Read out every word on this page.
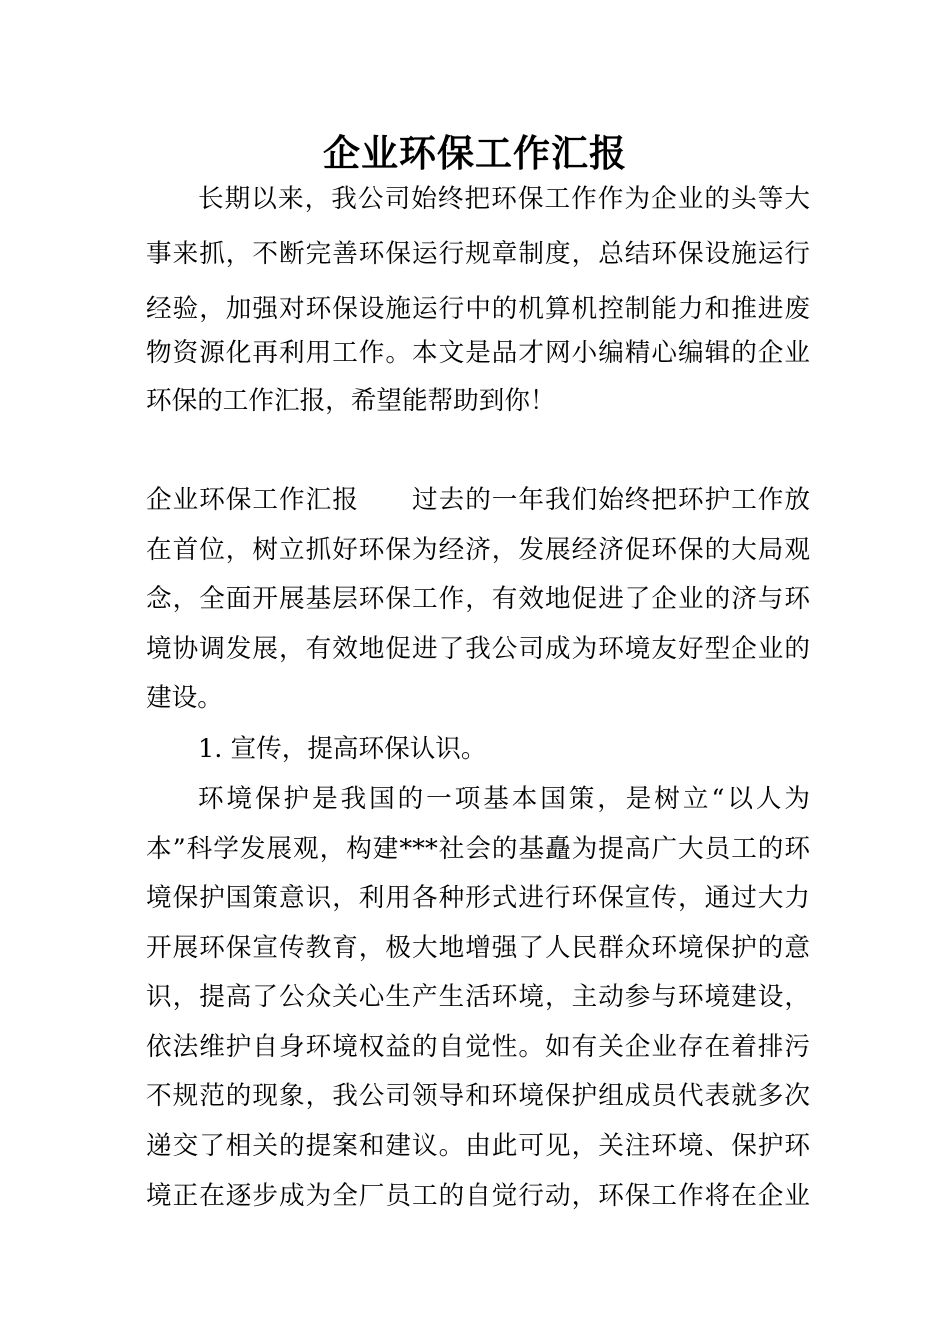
企业环保工作汇报

长期以来，我公司始终把环保工作作为企业的头等大

事来抓，不断完善环保运行规章制度，总结环保设施运行

经验，加强对环保设施运行中的机算机控制能力和推进废

物资源化再利用工作。本文是品才网小编精心编辑的企业

环保的工作汇报，希望能帮助到你！

企业环保工作汇报　　过去的一年我们始终把环护工作放

在首位，树立抓好环保为经济，发展经济促环保的大局观

念，全面开展基层环保工作，有效地促进了企业的济与环

境协调发展，有效地促进了我公司成为环境友好型企业的

建设。

1. 宣传，提高环保认识。

环境保护是我国的一项基本国策，是树立“以人为

本”科学发展观，构建***社会的基矗为提高广大员工的环

境保护国策意识，利用各种形式进行环保宣传，通过大力

开展环保宣传教育，极大地增强了人民群众环境保护的意

识，提高了公众关心生产生活环境，主动参与环境建设，

依法维护自身环境权益的自觉性。如有关企业存在着排污

不规范的现象，我公司领导和环境保护组成员代表就多次

递交了相关的提案和建议。由此可见，关注环境、保护环

境正在逐步成为全厂员工的自觉行动，环保工作将在企业
